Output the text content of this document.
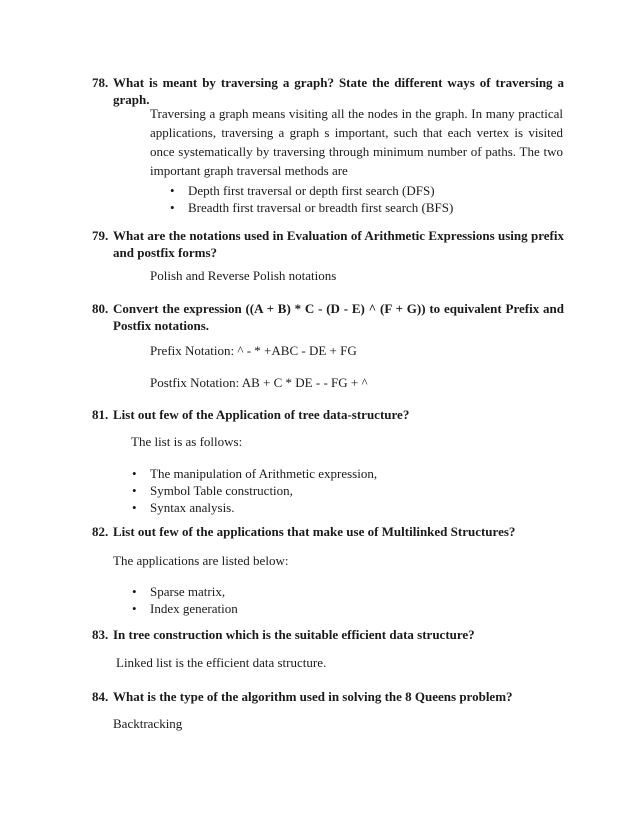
78. What is meant by traversing a graph? State the different ways of traversing a graph.
Traversing a graph means visiting all the nodes in the graph. In many practical applications, traversing a graph s important, such that each vertex is visited once systematically by traversing through minimum number of paths. The two important graph traversal methods are
• Depth first traversal or depth first search (DFS)
• Breadth first traversal or breadth first search (BFS)
79. What are the notations used in Evaluation of Arithmetic Expressions using prefix and postfix forms?
Polish and Reverse Polish notations
80. Convert the expression ((A + B) * C - (D - E) ^ (F + G)) to equivalent Prefix and Postfix notations.
Prefix Notation: ^ - * +ABC - DE + FG
Postfix Notation: AB + C * DE - - FG + ^
81. List out few of the Application of tree data-structure?
The list is as follows:
• The manipulation of Arithmetic expression,
• Symbol Table construction,
• Syntax analysis.
82. List out few of the applications that make use of Multilinked Structures?
The applications are listed below:
• Sparse matrix,
• Index generation
83. In tree construction which is the suitable efficient data structure?
Linked list is the efficient data structure.
84. What is the type of the algorithm used in solving the 8 Queens problem?
Backtracking
